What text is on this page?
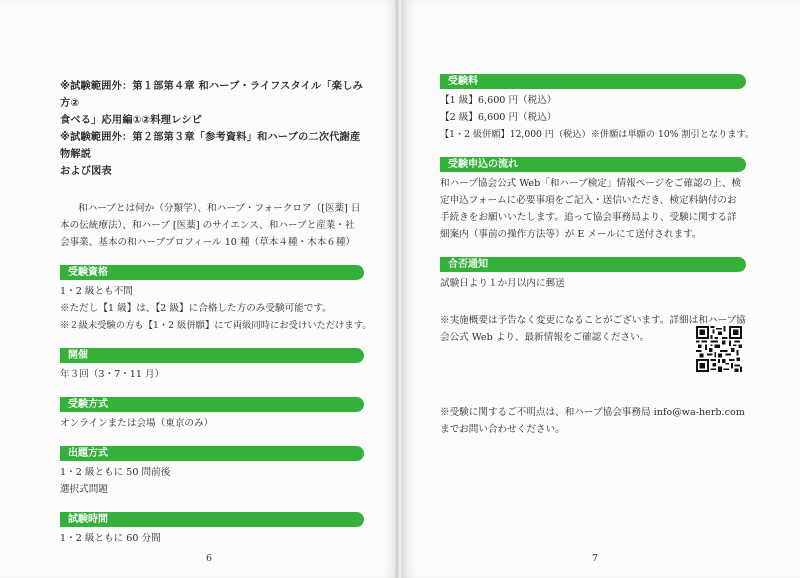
※試験範囲外：第１部第４章 和ハーブ・ライフスタイル「楽しみ方②
食べる」応用編①②料理レシピ
※試験範囲外：第２部第３章「参考資料」和ハーブの二次代謝産物解説
および図表
和ハーブとは何か（分類学）、和ハーブ・フォークロア（[医薬] 日本の伝統療法）、和ハーブ [医薬] のサイエンス、和ハーブと産業・社会事業、基本の和ハーブプロフィール 10 種（草本４種・木本６種）
受験資格
1・2 級とも不問
※ただし【1 級】は、【2 級】に合格した方のみ受験可能です。
※２級未受験の方も【1・2 級併願】にて両級同時にお受けいただけます。
開催
年３回（3・7・11 月）
受験方式
オンラインまたは会場（東京のみ）
出題方式
1・2 級ともに 50 問前後
選択式問題
試験時間
1・2 級ともに 60 分間
6
受験料
【1 級】6,600 円（税込）
【2 級】6,600 円（税込）
【1・2 級併願】12,000 円（税込）※併願は単願の 10% 割引となります。
受験申込の流れ
和ハーブ協会公式 Web「和ハーブ検定」情報ページをご確認の上、検定申込フォームに必要事項をご記入・送信いただき、検定料納付のお手続きをお願いいたします。追って協会事務局より、受験に関する詳細案内（事前の操作方法等）が E メールにて送付されます。
合否通知
試験日より１か月以内に郵送
※実施概要は予告なく変更になることがございます。詳細は和ハーブ協会公式 Web より、最新情報をご確認ください。
※受験に関するご不明点は、和ハーブ協会事務局 info@wa-herb.com までお問い合わせください。
7
